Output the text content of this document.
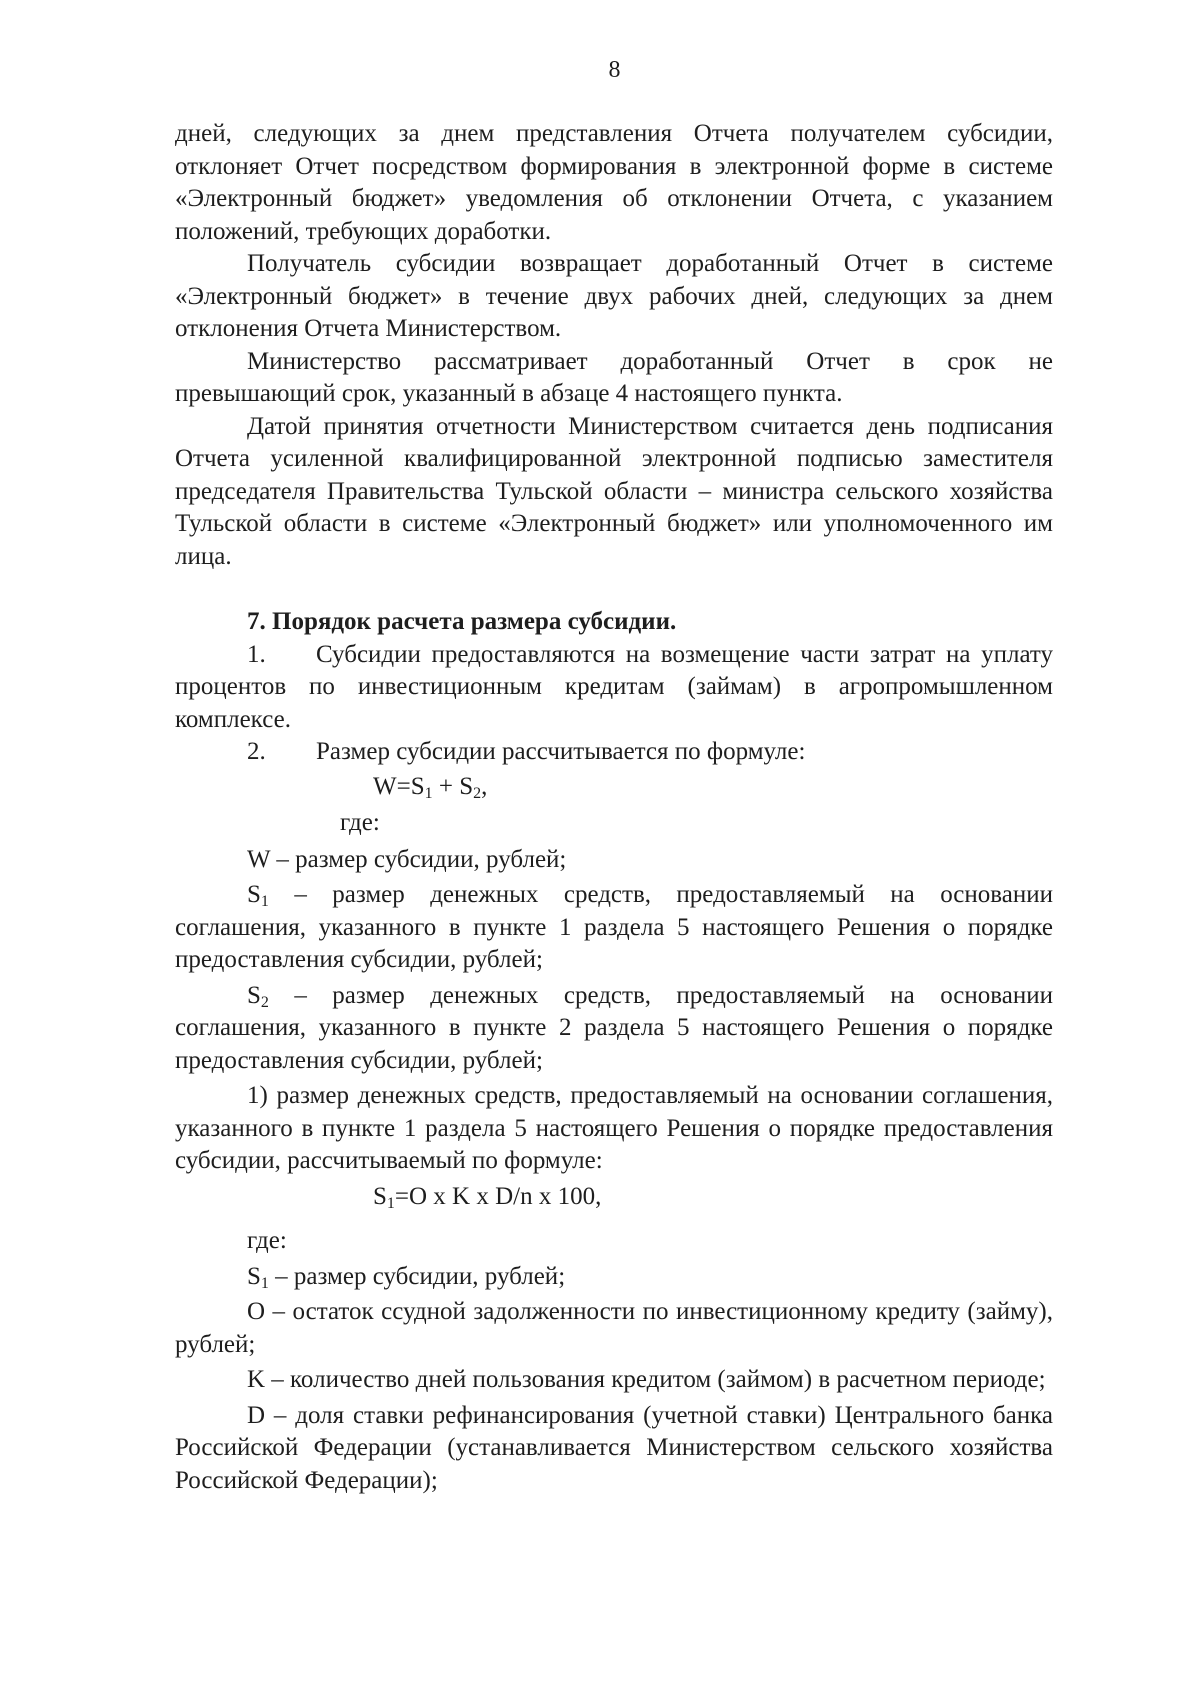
8

дней, следующих за днем представления Отчета получателем субсидии, отклоняет Отчет посредством формирования в электронной форме в системе «Электронный бюджет» уведомления об отклонении Отчета, с указанием положений, требующих доработки.

Получатель субсидии возвращает доработанный Отчет в системе «Электронный бюджет» в течение двух рабочих дней, следующих за днем отклонения Отчета Министерством.

Министерство рассматривает доработанный Отчет в срок не превышающий срок, указанный в абзаце 4 настоящего пункта.

Датой принятия отчетности Министерством считается день подписания Отчета усиленной квалифицированной электронной подписью заместителя председателя Правительства Тульской области – министра сельского хозяйства Тульской области в системе «Электронный бюджет» или уполномоченного им лица.

7. Порядок расчета размера субсидии.

1. Субсидии предоставляются на возмещение части затрат на уплату процентов по инвестиционным кредитам (займам) в агропромышленном комплексе.

2. Размер субсидии рассчитывается по формуле:

$W=S_1 + S_2$,

где:

W – размер субсидии, рублей;

$S_1$ – размер денежных средств, предоставляемый на основании соглашения, указанного в пункте 1 раздела 5 настоящего Решения о порядке предоставления субсидии, рублей;

$S_2$ – размер денежных средств, предоставляемый на основании соглашения, указанного в пункте 2 раздела 5 настоящего Решения о порядке предоставления субсидии, рублей;

1) размер денежных средств, предоставляемый на основании соглашения, указанного в пункте 1 раздела 5 настоящего Решения о порядке предоставления субсидии, рассчитываемый по формуле:

$S_1=O$ x K x D/n x 100,

где:

$S_1$ – размер субсидии, рублей;

O – остаток ссудной задолженности по инвестиционному кредиту (займу), рублей;

K – количество дней пользования кредитом (займом) в расчетном периоде;

D – доля ставки рефинансирования (учетной ставки) Центрального банка Российской Федерации (устанавливается Министерством сельского хозяйства Российской Федерации);
